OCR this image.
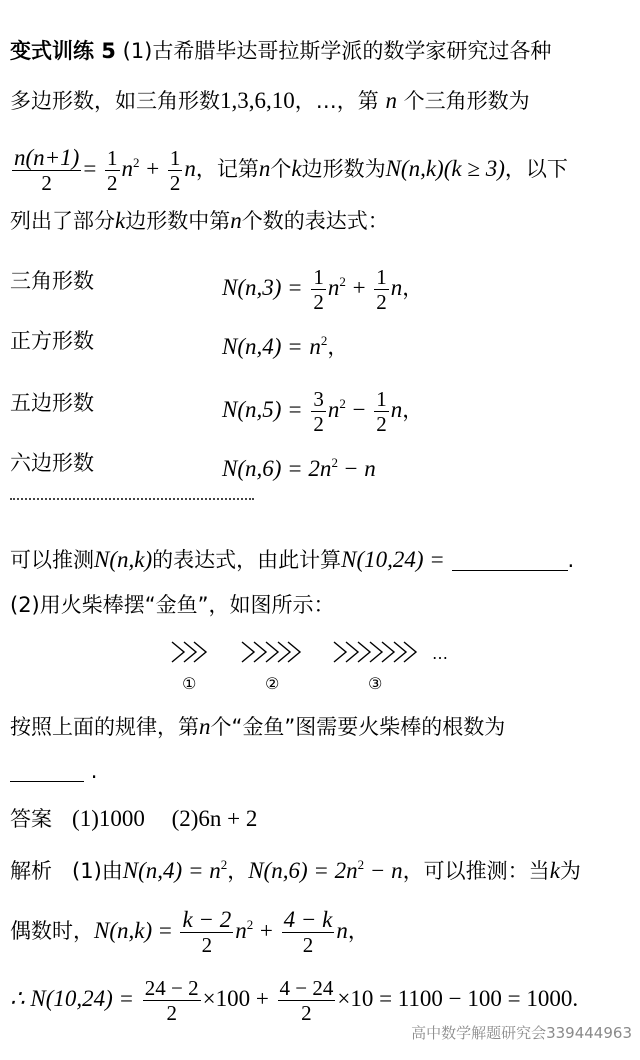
变式训练 5 (1)古希腊毕达哥拉斯学派的数学家研究过各种
多边形数，如三角形数1,3,6,10，…，第 n 个三角形数为
$\frac{n(n+1)}{2} = \frac{1}{2} n^2 + \frac{1}{2}$ n，记第n个k边形数为N(n,k)(k ≥ 3)，以下
列出了部分k边形数中第n个数的表达式：
三角形数	$N(n,3) = \frac{1}{2} n^2 + \frac{1}{2}$ n，
正方形数	$N(n,4) = n^2$，
五边形数	$N(n,5) = \frac{3}{2} n^2 - \frac{1}{2}$ n，
六边形数	$N(n,6) = 2n^2 - n$
可以推测N(n,k)的表达式，由此计算N(10,24) =	.
(2)用火柴棒摆“金鱼”，如图所示：
…
①	②	③
按照上面的规律，第n个“金鱼”图需要火柴棒的根数为
.
答案 (1)1000 (2)6n + 2
解析 (1)由$N(n,4) = n^2$，$N(n,6) = 2n^2 - n$，可以推测：当k为
偶数时，$N(n,k) = \frac{k - 2}{2} n^2 + \frac{4 - k}{2}$ n，
∴ $N(10,24) = \frac{24 - 2}{2} \times 100 + \frac{4 - 24}{2} \times 10 = 1100 - 100 = 1000$.
高中数学解题研究会339444963
